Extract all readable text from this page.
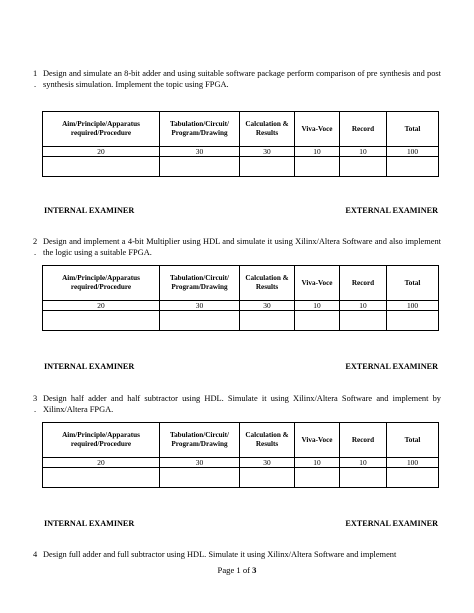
1
.
Design and simulate an 8-bit adder and using suitable software package perform comparison of pre synthesis and post synthesis simulation. Implement the topic using FPGA.
Aim/Principle/Apparatus required/Procedure	Tabulation/Circuit/ Program/Drawing	Calculation & Results	Viva-Voce	Record	Total
20	30	30	10	10	100

INTERNAL EXAMINER	EXTERNAL EXAMINER
2
.
Design and implement a 4-bit Multiplier using HDL and simulate it using Xilinx/Altera Software and also implement the logic using a suitable FPGA.
Aim/Principle/Apparatus required/Procedure	Tabulation/Circuit/ Program/Drawing	Calculation & Results	Viva-Voce	Record	Total
20	30	30	10	10	100

INTERNAL EXAMINER	EXTERNAL EXAMINER
3
.
Design half adder and half subtractor using HDL. Simulate it using Xilinx/Altera Software and implement by Xilinx/Altera FPGA.
Aim/Principle/Apparatus required/Procedure	Tabulation/Circuit/ Program/Drawing	Calculation & Results	Viva-Voce	Record	Total
20	30	30	10	10	100

INTERNAL EXAMINER	EXTERNAL EXAMINER
4 Design full adder and full subtractor using HDL. Simulate it using Xilinx/Altera Software and implement
Page 1 of 3
